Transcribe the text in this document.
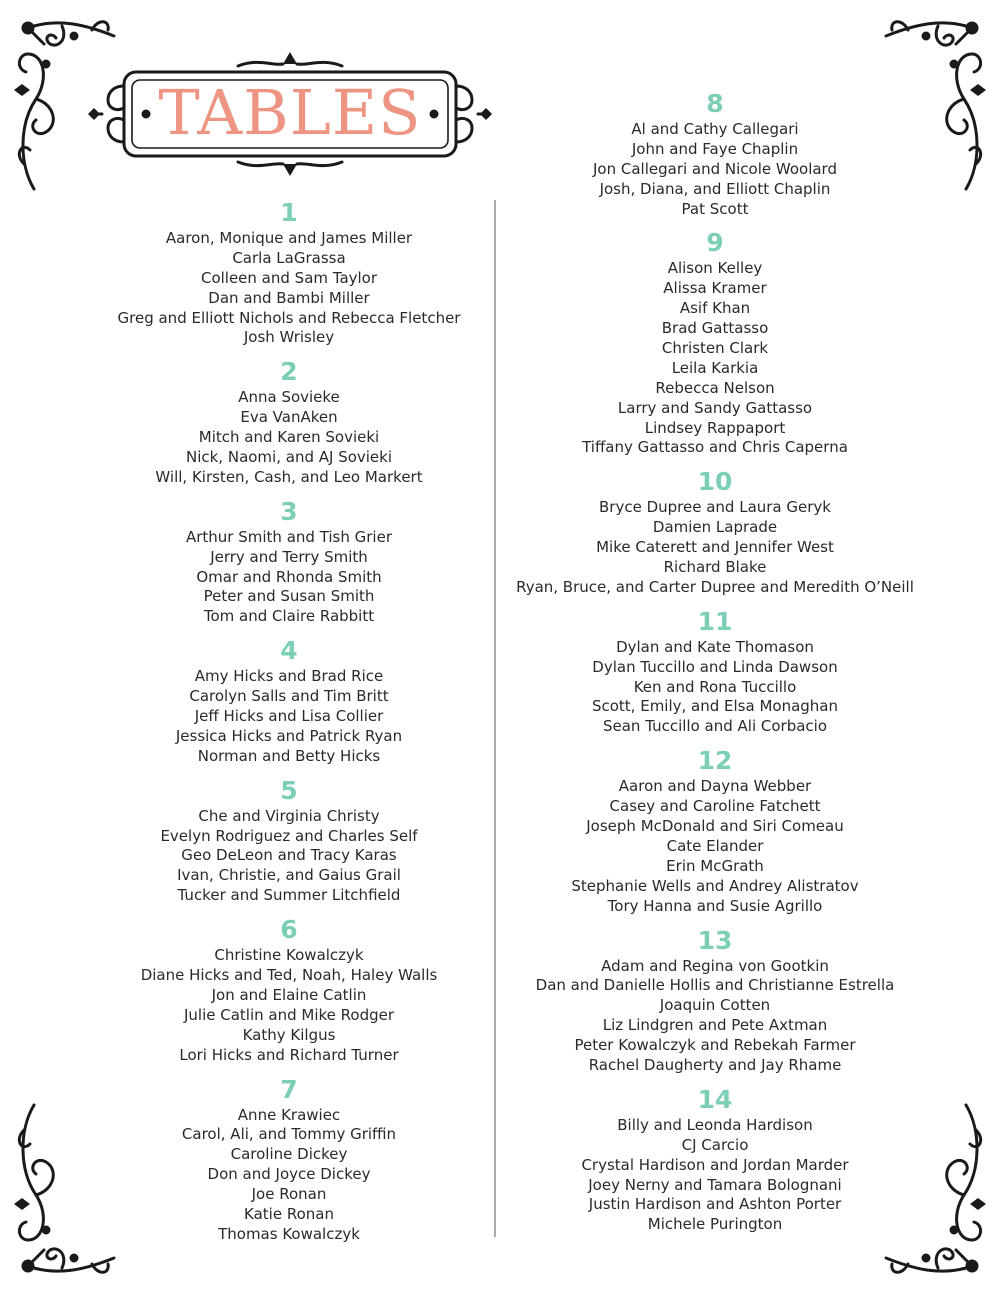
TABLES
1
Aaron, Monique and James Miller
Carla LaGrassa
Colleen and Sam Taylor
Dan and Bambi Miller
Greg and Elliott Nichols and Rebecca Fletcher
Josh Wrisley
2
Anna Sovieke
Eva VanAken
Mitch and Karen Sovieki
Nick, Naomi, and AJ Sovieki
Will, Kirsten, Cash, and Leo Markert
3
Arthur Smith and Tish Grier
Jerry and Terry Smith
Omar and Rhonda Smith
Peter and Susan Smith
Tom and Claire Rabbitt
4
Amy Hicks and Brad Rice
Carolyn Salls and Tim Britt
Jeff Hicks and Lisa Collier
Jessica Hicks and Patrick Ryan
Norman and Betty Hicks
5
Che and Virginia Christy
Evelyn Rodriguez and Charles Self
Geo DeLeon and Tracy Karas
Ivan, Christie, and Gaius Grail
Tucker and Summer Litchfield
6
Christine Kowalczyk
Diane Hicks and Ted, Noah, Haley Walls
Jon and Elaine Catlin
Julie Catlin and Mike Rodger
Kathy Kilgus
Lori Hicks and Richard Turner
7
Anne Krawiec
Carol, Ali, and Tommy Griffin
Caroline Dickey
Don and Joyce Dickey
Joe Ronan
Katie Ronan
Thomas Kowalczyk
8
Al and Cathy Callegari
John and Faye Chaplin
Jon Callegari and Nicole Woolard
Josh, Diana, and Elliott Chaplin
Pat Scott
9
Alison Kelley
Alissa Kramer
Asif Khan
Brad Gattasso
Christen Clark
Leila Karkia
Rebecca Nelson
Larry and Sandy Gattasso
Lindsey Rappaport
Tiffany Gattasso and Chris Caperna
10
Bryce Dupree and Laura Geryk
Damien Laprade
Mike Caterett and Jennifer West
Richard Blake
Ryan, Bruce, and Carter Dupree and Meredith O’Neill
11
Dylan and Kate Thomason
Dylan Tuccillo and Linda Dawson
Ken and Rona Tuccillo
Scott, Emily, and Elsa Monaghan
Sean Tuccillo and Ali Corbacio
12
Aaron and Dayna Webber
Casey and Caroline Fatchett
Joseph McDonald and Siri Comeau
Cate Elander
Erin McGrath
Stephanie Wells and Andrey Alistratov
Tory Hanna and Susie Agrillo
13
Adam and Regina von Gootkin
Dan and Danielle Hollis and Christianne Estrella
Joaquin Cotten
Liz Lindgren and Pete Axtman
Peter Kowalczyk and Rebekah Farmer
Rachel Daugherty and Jay Rhame
14
Billy and Leonda Hardison
CJ Carcio
Crystal Hardison and Jordan Marder
Joey Nerny and Tamara Bolognani
Justin Hardison and Ashton Porter
Michele Purington
